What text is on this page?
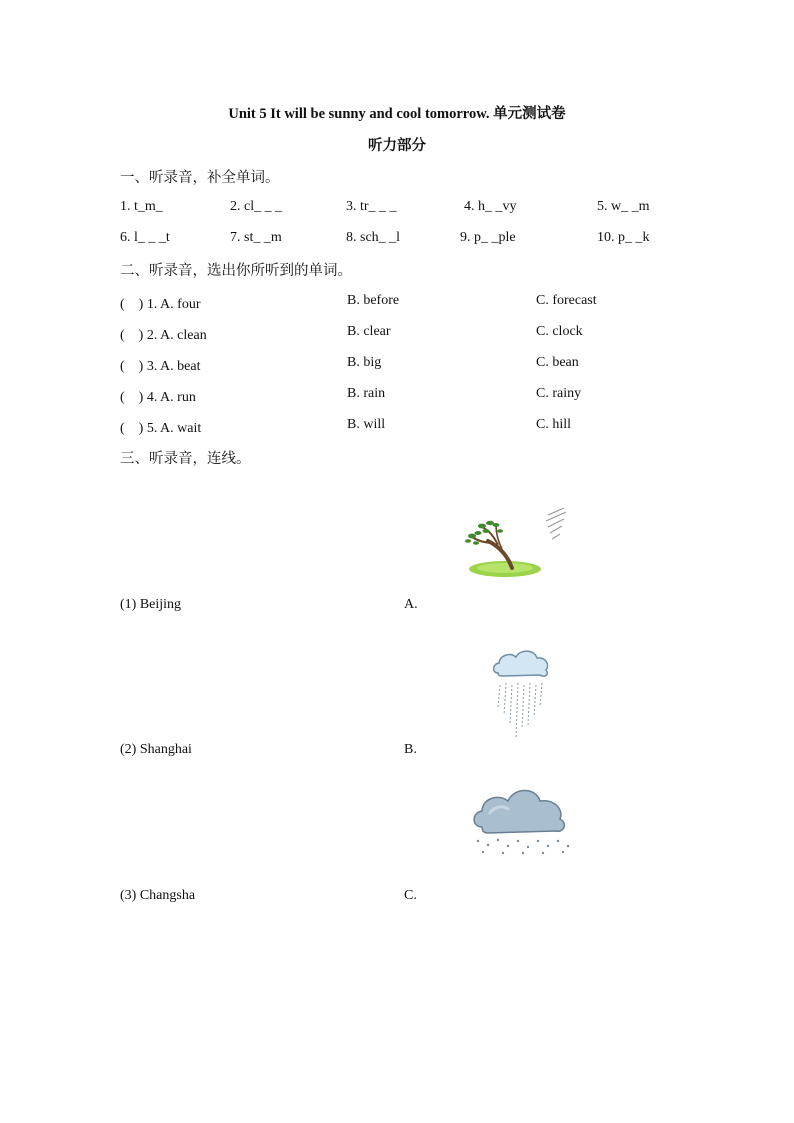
Unit 5 It will be sunny and cool tomorrow. 单元测试卷
听力部分
一、听录音，补全单词。
1. t_m_	2. cl_ _ _	3. tr_ _ _	4. h_ _vy	5. w_ _m
6. l_ _ _t	7. st_ _m	8. sch_ _l	9. p_ _ple	10. p_ _k
二、听录音，选出你所听到的单词。
(　) 1. A. four	B. before	C. forecast
(　) 2. A. clean	B. clear	C. clock
(　) 3. A. beat	B. big	C. bean
(　) 4. A. run	B. rain	C. rainy
(　) 5. A. wait	B. will	C. hill
三、听录音，连线。
(1) Beijing	A.
(2) Shanghai	B.
(3) Changsha	C.
